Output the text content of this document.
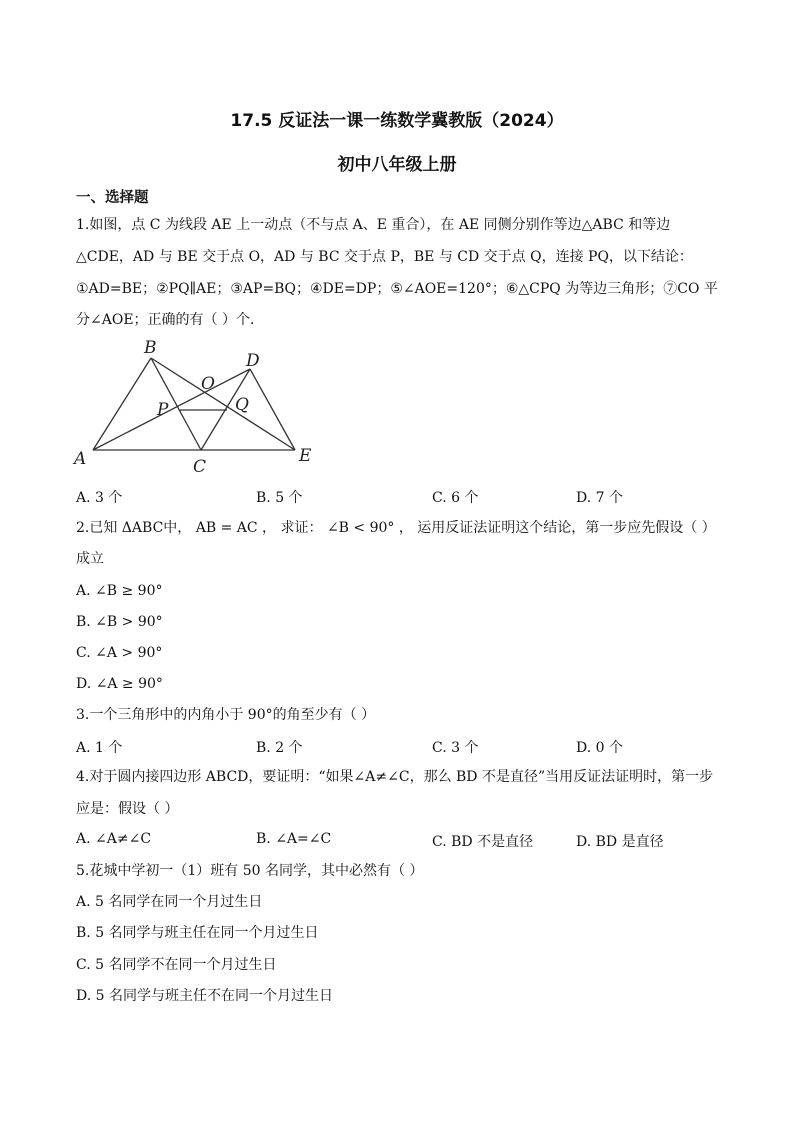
17.5 反证法一课一练数学冀教版（2024）
初中八年级上册
一、选择题

1.如图，点 C 为线段 AE 上一动点（不与点 A、E 重合），在 AE 同侧分别作等边△ABC 和等边

△CDE，AD 与 BE 交于点 O，AD 与 BC 交于点 P，BE 与 CD 交于点 Q，连接 PQ，以下结论：

①AD=BE；②PQ∥AE；③AP=BQ；④DE=DP；⑤∠AOE=120°；⑥△CPQ 为等边三角形；⑦CO 平

分∠AOE；正确的有（ ）个．

B
D
O
P	Q
A	C
E
A. 3 个	B. 5 个	C. 6 个	D. 7 个

2.已知 ΔABC中， AB = AC ， 求证： ∠B < 90° ， 运用反证法证明这个结论，第一步应先假设（ ）

成立

A. ∠B ≥ 90°

B. ∠B > 90°

C. ∠A > 90°

D. ∠A ≥ 90°

3.一个三角形中的内角小于 90°的角至少有（ ）

A. 1 个	B. 2 个	C. 3 个	D. 0 个

4.对于圆内接四边形 ABCD，要证明：“如果∠A≠∠C，那么 BD 不是直径”当用反证法证明时，第一步

应是：假设（ ）

A. ∠A≠∠C	B. ∠A=∠C	C. BD 不是直径	D. BD 是直径

5.花城中学初一（1）班有 50 名同学，其中必然有（ ）

A. 5 名同学在同一个月过生日

B. 5 名同学与班主任在同一个月过生日

C. 5 名同学不在同一个月过生日

D. 5 名同学与班主任不在同一个月过生日
